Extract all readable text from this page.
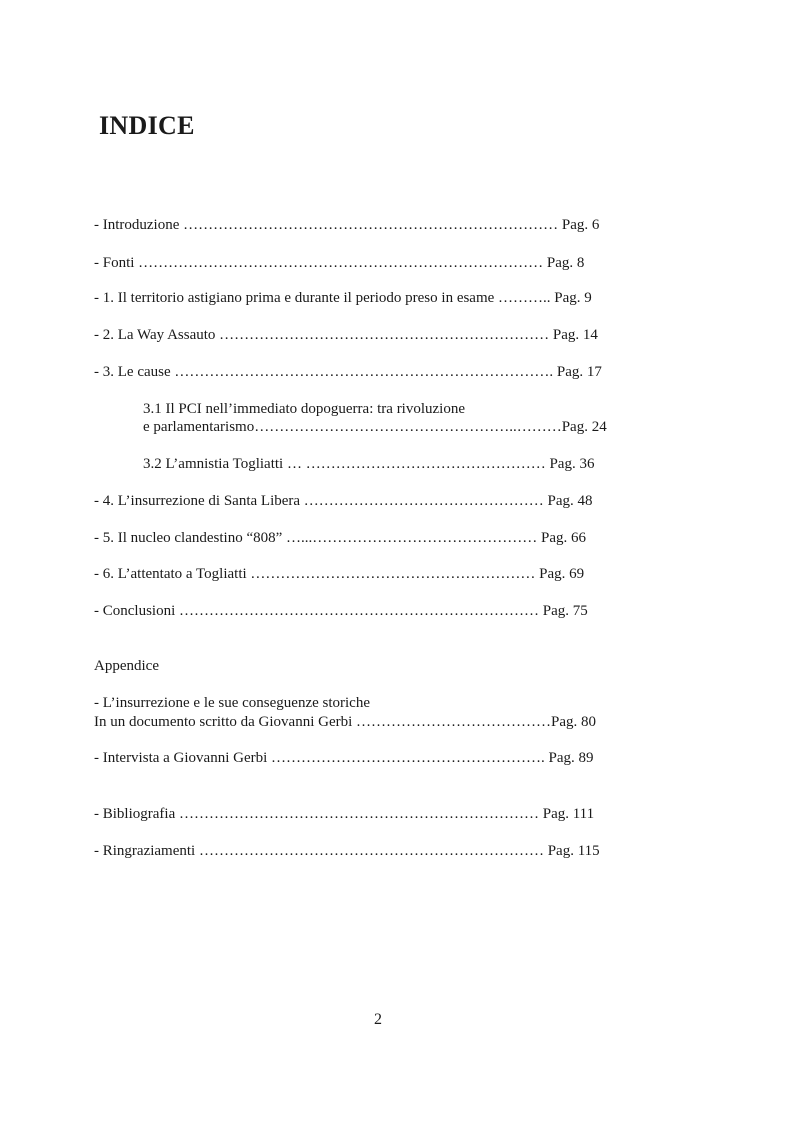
INDICE
- Introduzione ………………………………………………………………… Pag. 6
- Fonti ……………………………………………………………………… Pag. 8
- 1. Il territorio astigiano prima e durante il periodo preso in esame ……….. Pag. 9
- 2. La Way Assauto ………………………………………………………… Pag. 14
- 3. Le cause …………………………………………………………………. Pag. 17
3.1 Il PCI nell’immediato dopoguerra: tra rivoluzione
e parlamentarismo……………………………………………..………Pag. 24
3.2 L’amnistia Togliatti … ………………………………………… Pag. 36
- 4. L’insurrezione di Santa Libera ………………………………………… Pag. 48
- 5. Il nucleo clandestino “808” …...……………………………………… Pag. 66
- 6. L’attentato a Togliatti ………………………………………………… Pag. 69
- Conclusioni ……………………………………………………………… Pag. 75
Appendice
- L’insurrezione e le sue conseguenze storiche
In un documento scritto da Giovanni Gerbi …………………………………Pag. 80
- Intervista a Giovanni Gerbi ………………………………………………. Pag. 89
- Bibliografia ……………………………………………………………… Pag. 111
- Ringraziamenti …………………………………………………………… Pag. 115
2
